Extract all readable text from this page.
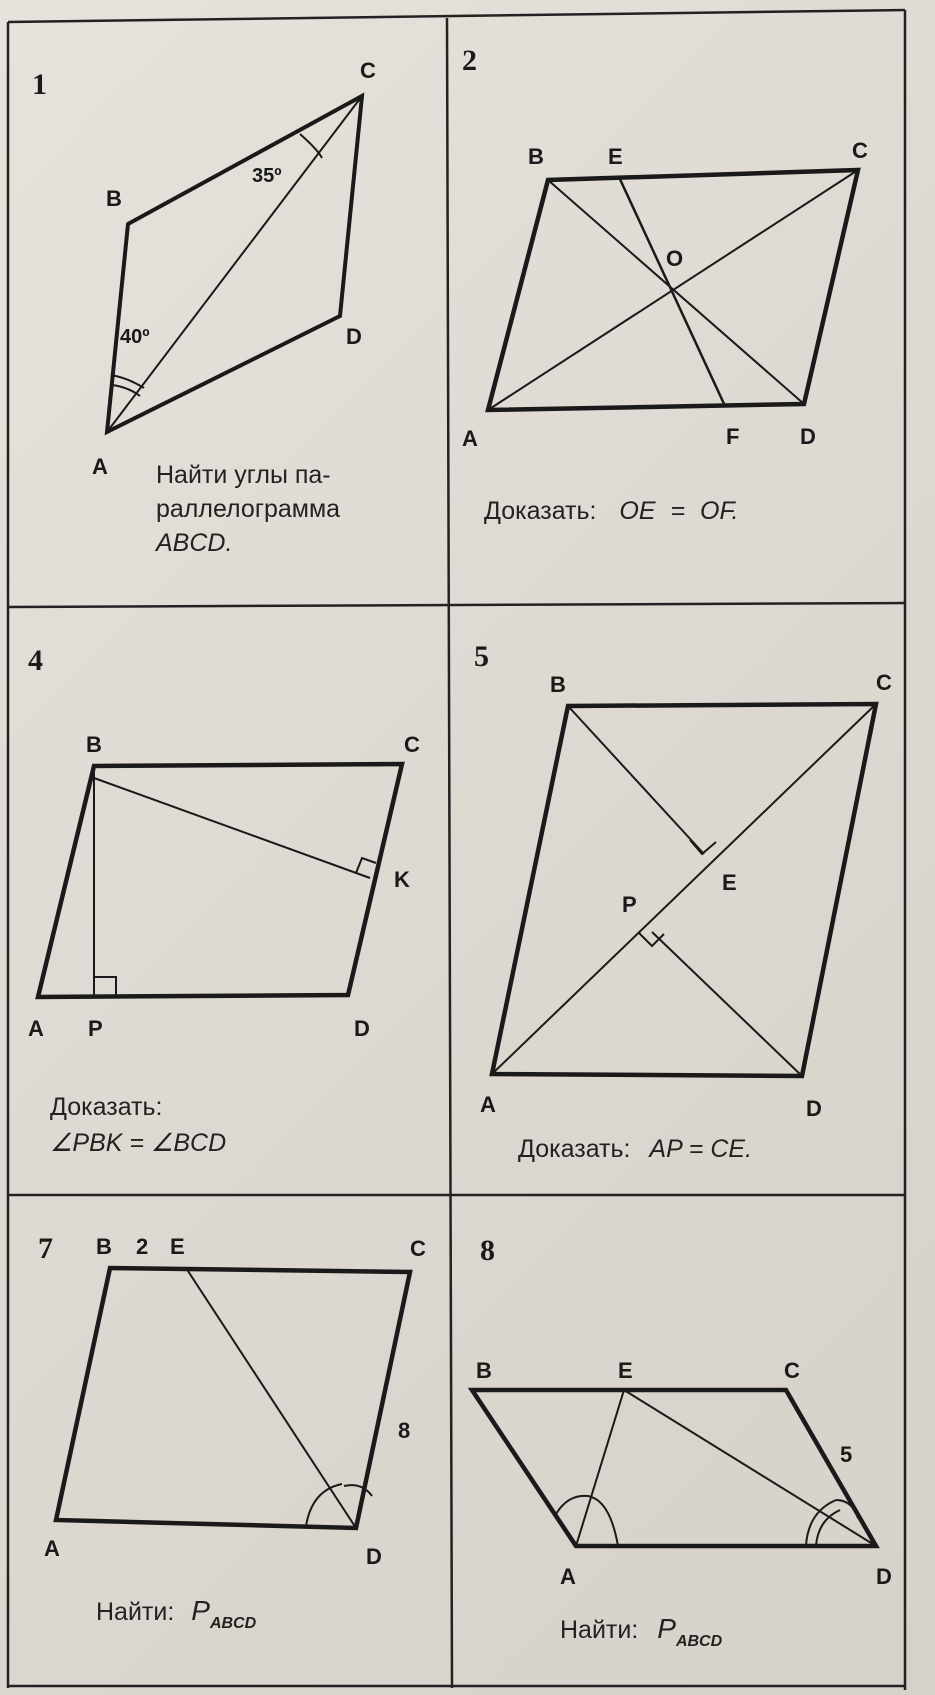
A
B
C
D
35º
40º
B	E	C
O
A	F	D
B	C
K
A P	D
B	C
E
P
A	D
B 2 E	C
8
A	D
B	E	C
5
A	D
1
2
4	5
7	8
Найти углы па-
раллелограмма
ABCD.
Доказать: OE = OF.
Доказать:
∠PBK = ∠BCD	Доказать: AP = CE.
Найти: $P_{ABCD}$	Найти: $P_{ABCD}$
